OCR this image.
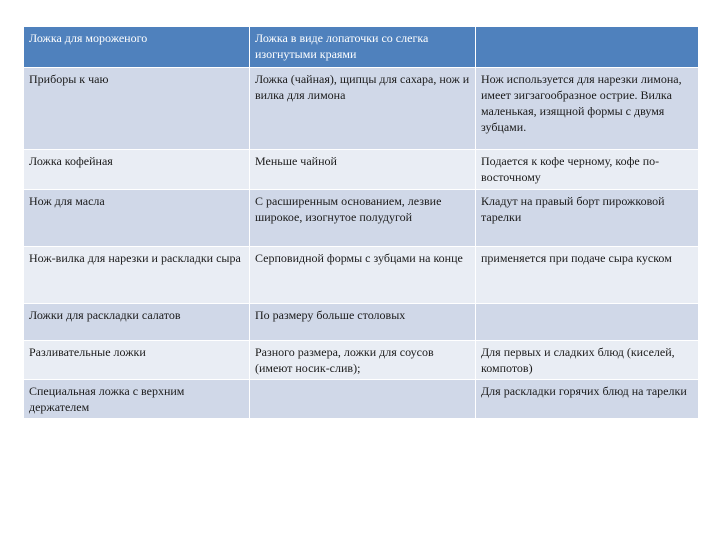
Ложка для мороженого	Ложка в виде лопаточки со слегка изогнутыми краями	
Приборы к чаю	Ложка (чайная), щипцы для сахара, нож и вилка для лимона	Нож используется для нарезки лимона, имеет зигзагообразное острие. Вилка маленькая, изящной формы с двумя зубцами.
Ложка кофейная	Меньше чайной	Подается к кофе черному, кофе по-восточному
Нож для масла	С расширенным основанием, лезвие широкое, изогнутое полудугой	Кладут на правый борт пирожковой тарелки
Нож-вилка для нарезки и раскладки сыра	Серповидной формы с зубцами на конце	применяется при подаче сыра куском
Ложки для раскладки салатов	По размеру больше столовых	
Разливательные ложки	Разного размера, ложки для соусов (имеют носик-слив);	Для первых и сладких блюд (киселей, компотов)
Специальная ложка с верхним держателем		Для раскладки горячих блюд на тарелки
